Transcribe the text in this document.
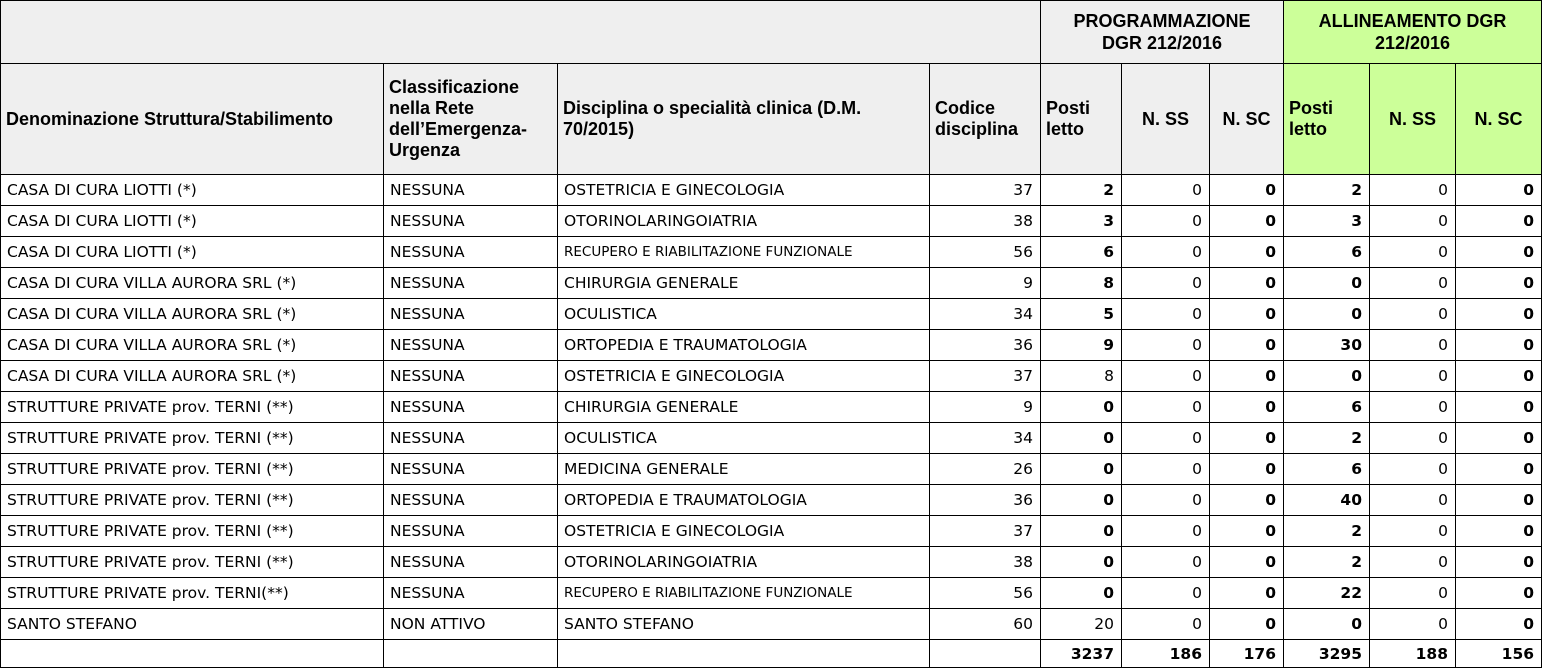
				PROGRAMMAZIONE DGR 212/2016			ALLINEAMENTO DGR 212/2016		
Denominazione Struttura/Stabilimento	Classificazione nella Rete dell’Emergenza-Urgenza	Disciplina o specialità clinica (D.M. 70/2015)	Codice disciplina	Posti letto	N. SS	N. SC	Posti letto	N. SS	N. SC
CASA DI CURA LIOTTI (*)	NESSUNA	OSTETRICIA E GINECOLOGIA	37	2	0	0	2	0	0
CASA DI CURA LIOTTI (*)	NESSUNA	OTORINOLARINGOIATRIA	38	3	0	0	3	0	0
CASA DI CURA LIOTTI (*)	NESSUNA	RECUPERO E RIABILITAZIONE FUNZIONALE	56	6	0	0	6	0	0
CASA DI CURA VILLA AURORA SRL (*)	NESSUNA	CHIRURGIA GENERALE	9	8	0	0	0	0	0
CASA DI CURA VILLA AURORA SRL (*)	NESSUNA	OCULISTICA	34	5	0	0	0	0	0
CASA DI CURA VILLA AURORA SRL (*)	NESSUNA	ORTOPEDIA E TRAUMATOLOGIA	36	9	0	0	30	0	0
CASA DI CURA VILLA AURORA SRL (*)	NESSUNA	OSTETRICIA E GINECOLOGIA	37	8	0	0	0	0	0
STRUTTURE PRIVATE prov. TERNI (**)	NESSUNA	CHIRURGIA GENERALE	9	0	0	0	6	0	0
STRUTTURE PRIVATE prov. TERNI (**)	NESSUNA	OCULISTICA	34	0	0	0	2	0	0
STRUTTURE PRIVATE prov. TERNI (**)	NESSUNA	MEDICINA GENERALE	26	0	0	0	6	0	0
STRUTTURE PRIVATE prov. TERNI (**)	NESSUNA	ORTOPEDIA E TRAUMATOLOGIA	36	0	0	0	40	0	0
STRUTTURE PRIVATE prov. TERNI (**)	NESSUNA	OSTETRICIA E GINECOLOGIA	37	0	0	0	2	0	0
STRUTTURE PRIVATE prov. TERNI (**)	NESSUNA	OTORINOLARINGOIATRIA	38	0	0	0	2	0	0
STRUTTURE PRIVATE prov. TERNI(**)	NESSUNA	RECUPERO E RIABILITAZIONE FUNZIONALE	56	0	0	0	22	0	0
SANTO STEFANO	NON ATTIVO	SANTO STEFANO	60	20	0	0	0	0	0
				3237	186	176	3295	188	156
